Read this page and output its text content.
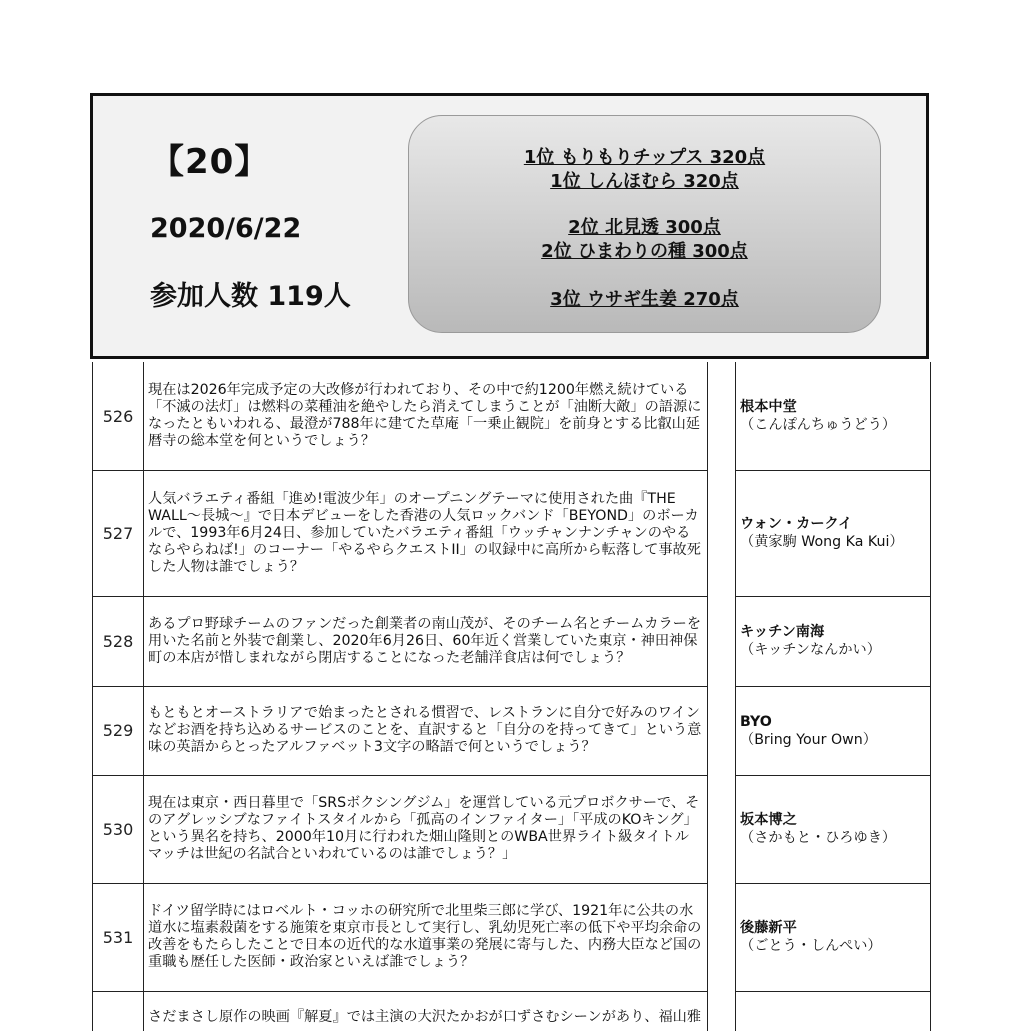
【20】
2020/6/22
参加人数 119人
1位 もりもりチップス 320点
1位 しんほむら 320点
2位 北見透 300点
2位 ひまわりの種 300点
3位 ウサギ生姜 270点
526
現在は2026年完成予定の大改修が行われており、その中で約1200年燃え続けている「不滅の法灯」は燃料の菜種油を絶やしたら消えてしまうことが「油断大敵」の語源になったともいわれる、最澄が788年に建てた草庵「一乗止観院」を前身とする比叡山延暦寺の総本堂を何というでしょう？
根本中堂
（こんぽんちゅうどう）
527
人気バラエティ番組「進め!電波少年」のオープニングテーマに使用された曲『THE WALL～長城～』で日本デビューをした香港の人気ロックバンド「BEYOND」のボーカルで、1993年6月24日、参加していたバラエティ番組「ウッチャンナンチャンのやるならやらねば!」のコーナー「やるやらクエストII」の収録中に高所から転落して事故死した人物は誰でしょう？
ウォン・カークイ
（黄家駒 Wong Ka Kui）
528
あるプロ野球チームのファンだった創業者の南山茂が、そのチーム名とチームカラーを用いた名前と外装で創業し、2020年6月26日、60年近く営業していた東京・神田神保町の本店が惜しまれながら閉店することになった老舗洋食店は何でしょう？
キッチン南海
（キッチンなんかい）
529
もともとオーストラリアで始まったとされる慣習で、レストランに自分で好みのワインなどお酒を持ち込めるサービスのことを、直訳すると「自分のを持ってきて」という意味の英語からとったアルファベット3文字の略語で何というでしょう？
BYO
（Bring Your Own）
530
現在は東京・西日暮里で「SRSボクシングジム」を運営している元プロボクサーで、そのアグレッシブなファイトスタイルから「孤高のインファイター」「平成のKOキング」という異名を持ち、2000年10月に行われた畑山隆則とのWBA世界ライト級タイトルマッチは世紀の名試合といわれているのは誰でしょう？」
坂本博之
（さかもと・ひろゆき）
531
ドイツ留学時にはロベルト・コッホの研究所で北里柴三郎に学び、1921年に公共の水道水に塩素殺菌をする施策を東京市長として実行し、乳幼児死亡率の低下や平均余命の改善をもたらしたことで日本の近代的な水道事業の発展に寄与した、内務大臣など国の重職も歴任した医師・政治家といえば誰でしょう？
後藤新平
（ごとう・しんぺい）
さだまさし原作の映画『解夏』では主演の大沢たかおが口ずさむシーンがあり、福山雅
